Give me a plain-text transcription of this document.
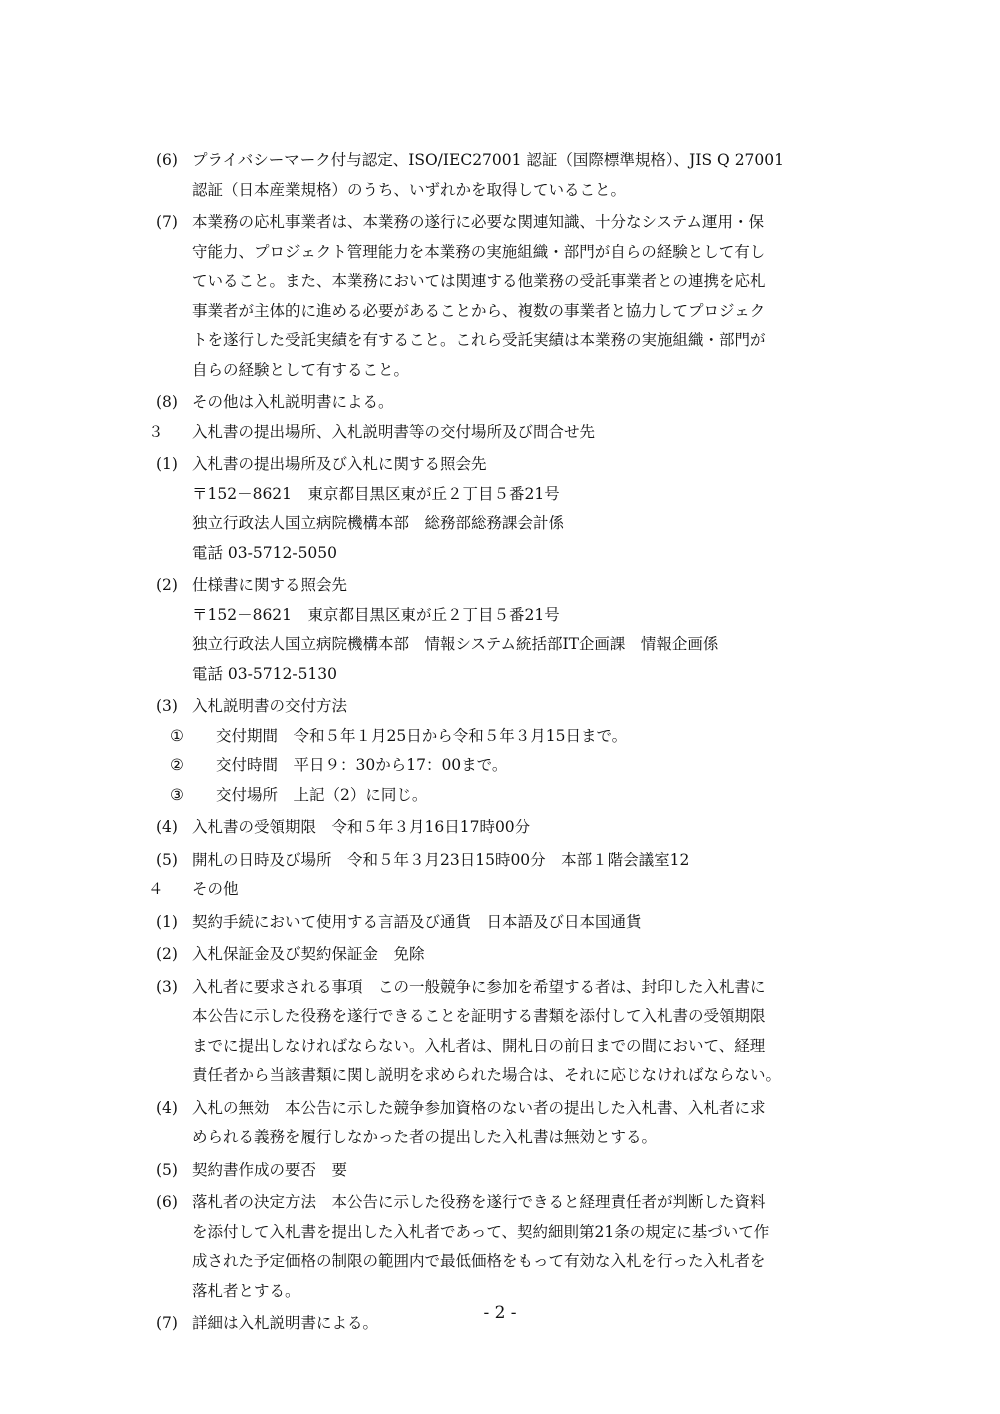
(6) プライバシーマーク付与認定、ISO/IEC27001 認証（国際標準規格）、JIS Q 27001
認証（日本産業規格）のうち、いずれかを取得していること。
(7) 本業務の応札事業者は、本業務の遂行に必要な関連知識、十分なシステム運用・保
守能力、プロジェクト管理能力を本業務の実施組織・部門が自らの経験として有し
ていること。また、本業務においては関連する他業務の受託事業者との連携を応札
事業者が主体的に進める必要があることから、複数の事業者と協力してプロジェク
トを遂行した受託実績を有すること。これら受託実績は本業務の実施組織・部門が
自らの経験として有すること。
(8) その他は入札説明書による。
３ 入札書の提出場所、入札説明書等の交付場所及び問合せ先
(1) 入札書の提出場所及び入札に関する照会先
〒152－8621　東京都目黒区東が丘２丁目５番21号
独立行政法人国立病院機構本部　総務部総務課会計係
電話 03-5712-5050
(2) 仕様書に関する照会先
〒152－8621　東京都目黒区東が丘２丁目５番21号
独立行政法人国立病院機構本部　情報システム統括部IT企画課　情報企画係
電話 03-5712-5130
(3) 入札説明書の交付方法
① 交付期間　令和５年１月25日から令和５年３月15日まで。
② 交付時間　平日９：30から17：00まで。
③ 交付場所　上記（2）に同じ。
(4) 入札書の受領期限　令和５年３月16日17時00分
(5) 開札の日時及び場所　令和５年３月23日15時00分　本部１階会議室12
４ その他
(1) 契約手続において使用する言語及び通貨　日本語及び日本国通貨
(2) 入札保証金及び契約保証金　免除
(3) 入札者に要求される事項　この一般競争に参加を希望する者は、封印した入札書に
本公告に示した役務を遂行できることを証明する書類を添付して入札書の受領期限
までに提出しなければならない。入札者は、開札日の前日までの間において、経理
責任者から当該書類に関し説明を求められた場合は、それに応じなければならない。
(4) 入札の無効　本公告に示した競争参加資格のない者の提出した入札書、入札者に求
められる義務を履行しなかった者の提出した入札書は無効とする。
(5) 契約書作成の要否　要
(6) 落札者の決定方法　本公告に示した役務を遂行できると経理責任者が判断した資料
を添付して入札書を提出した入札者であって、契約細則第21条の規定に基づいて作
成された予定価格の制限の範囲内で最低価格をもって有効な入札を行った入札者を
落札者とする。
(7) 詳細は入札説明書による。	- 2 -
